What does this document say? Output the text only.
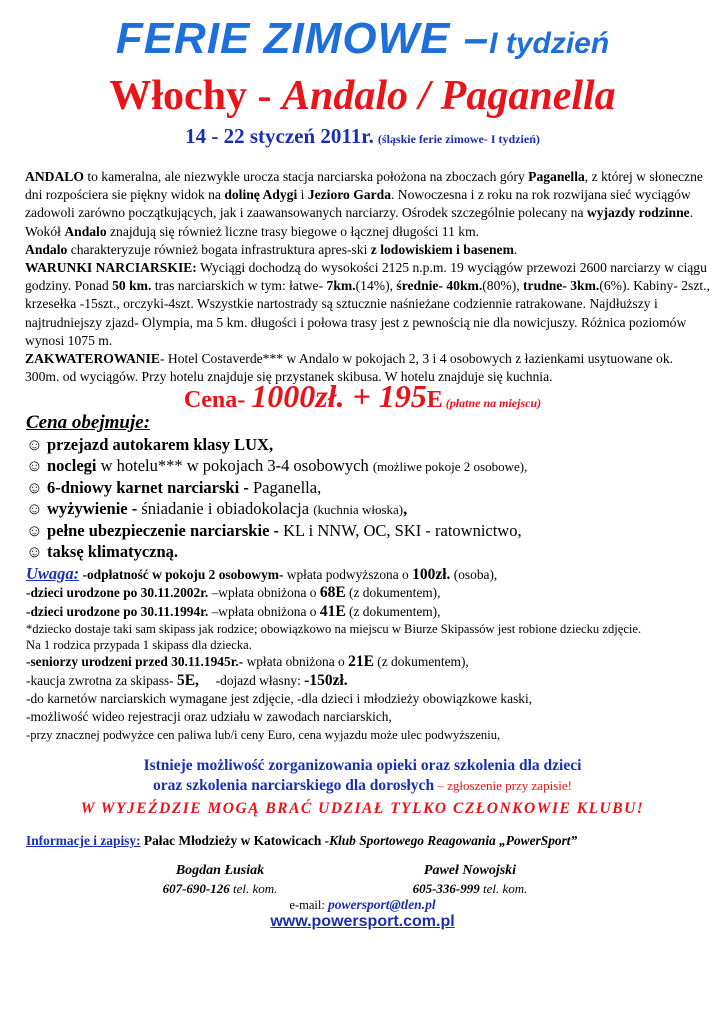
FERIE ZIMOWE –I tydzień
Włochy - Andalo / Paganella
14 - 22 styczeń 2011r. (śląskie ferie zimowe- I tydzień)

ANDALO to kameralna, ale niezwykle urocza stacja narciarska położona na zboczach góry Paganella, z której w słoneczne dni rozpościera sie piękny widok na dolinę Adygi i Jezioro Garda. Nowoczesna i z roku na rok rozwijana sieć wyciągów zadowoli zarówno początkujących, jak i zaawansowanych narciarzy. Ośrodek szczególnie polecany na wyjazdy rodzinne. Wokół Andalo znajdują się również liczne trasy biegowe o łącznej długości 11 km.

Andalo charakteryzuje również bogata infrastruktura apres-ski z lodowiskiem i basenem.

WARUNKI NARCIARSKIE: Wyciągi dochodzą do wysokości 2125 n.p.m. 19 wyciągów przewozi 2600 narciarzy w ciągu godziny. Ponad 50 km. tras narciarskich w tym: łatwe- 7km.(14%), średnie- 40km.(80%), trudne- 3km.(6%). Kabiny- 2szt., krzesełka -15szt., orczyki-4szt. Wszystkie nartostrady są sztucznie naśnieżane codziennie ratrakowane. Najdłuższy i najtrudniejszy zjazd- Olympia, ma 5 km. długości i połowa trasy jest z pewnością nie dla nowicjuszy. Różnica poziomów wynosi 1075 m.

ZAKWATEROWANIE- Hotel Costaverde*** w Andalo w pokojach 2, 3 i 4 osobowych z łazienkami usytuowane ok. 300m. od wyciągów. Przy hotelu znajduje się przystanek skibusa. W hotelu znajduje się kuchnia.

Cena- 1000zł. + 195E (płatne na miejscu)
Cena obejmuje:
☺ przejazd autokarem klasy LUX,
☺ noclegi w hotelu*** w pokojach 3-4 osobowych (możliwe pokoje 2 osobowe),
☺ 6-dniowy karnet narciarski - Paganella,
☺ wyżywienie - śniadanie i obiadokolacja (kuchnia włoska),
☺ pełne ubezpieczenie narciarskie - KL i NNW, OC, SKI - ratownictwo,
☺ taksę klimatyczną.
Uwaga: -odpłatność w pokoju 2 osobowym- wpłata podwyższona o 100zł. (osoba),
-dzieci urodzone po 30.11.2002r. –wpłata obniżona o 68E (z dokumentem),
-dzieci urodzone po 30.11.1994r. –wpłata obniżona o 41E (z dokumentem),
*dziecko dostaje taki sam skipass jak rodzice; obowiązkowo na miejscu w Biurze Skipassów jest robione dziecku zdjęcie.
Na 1 rodzica przypada 1 skipass dla dziecka.
-seniorzy urodzeni przed 30.11.1945r.- wpłata obniżona o 21E (z dokumentem),
-kaucja zwrotna za skipass- 5E,     -dojazd własny: -150zł.
-do karnetów narciarskich wymagane jest zdjęcie, -dla dzieci i młodzieży obowiązkowe kaski,
-możliwość wideo rejestracji oraz udziału w zawodach narciarskich,
-przy znacznej podwyżce cen paliwa lub/i ceny Euro, cena wyjazdu może ulec podwyższeniu,
Istnieje możliwość zorganizowania opieki oraz szkolenia dla dzieci
oraz szkolenia narciarskiego dla dorosłych – zgłoszenie przy zapisie!
W WYJEŹDZIE MOGĄ BRAĆ UDZIAŁ TYLKO CZŁONKOWIE KLUBU!
Informacje i zapisy: Pałac Młodzieży w Katowicach -Klub Sportowego Reagowania „PowerSport”
Bogdan Łusiak
607-690-126 tel. kom.
Paweł Nowojski
605-336-999 tel. kom.
e-mail: powersport@tlen.pl
www.powersport.com.pl
